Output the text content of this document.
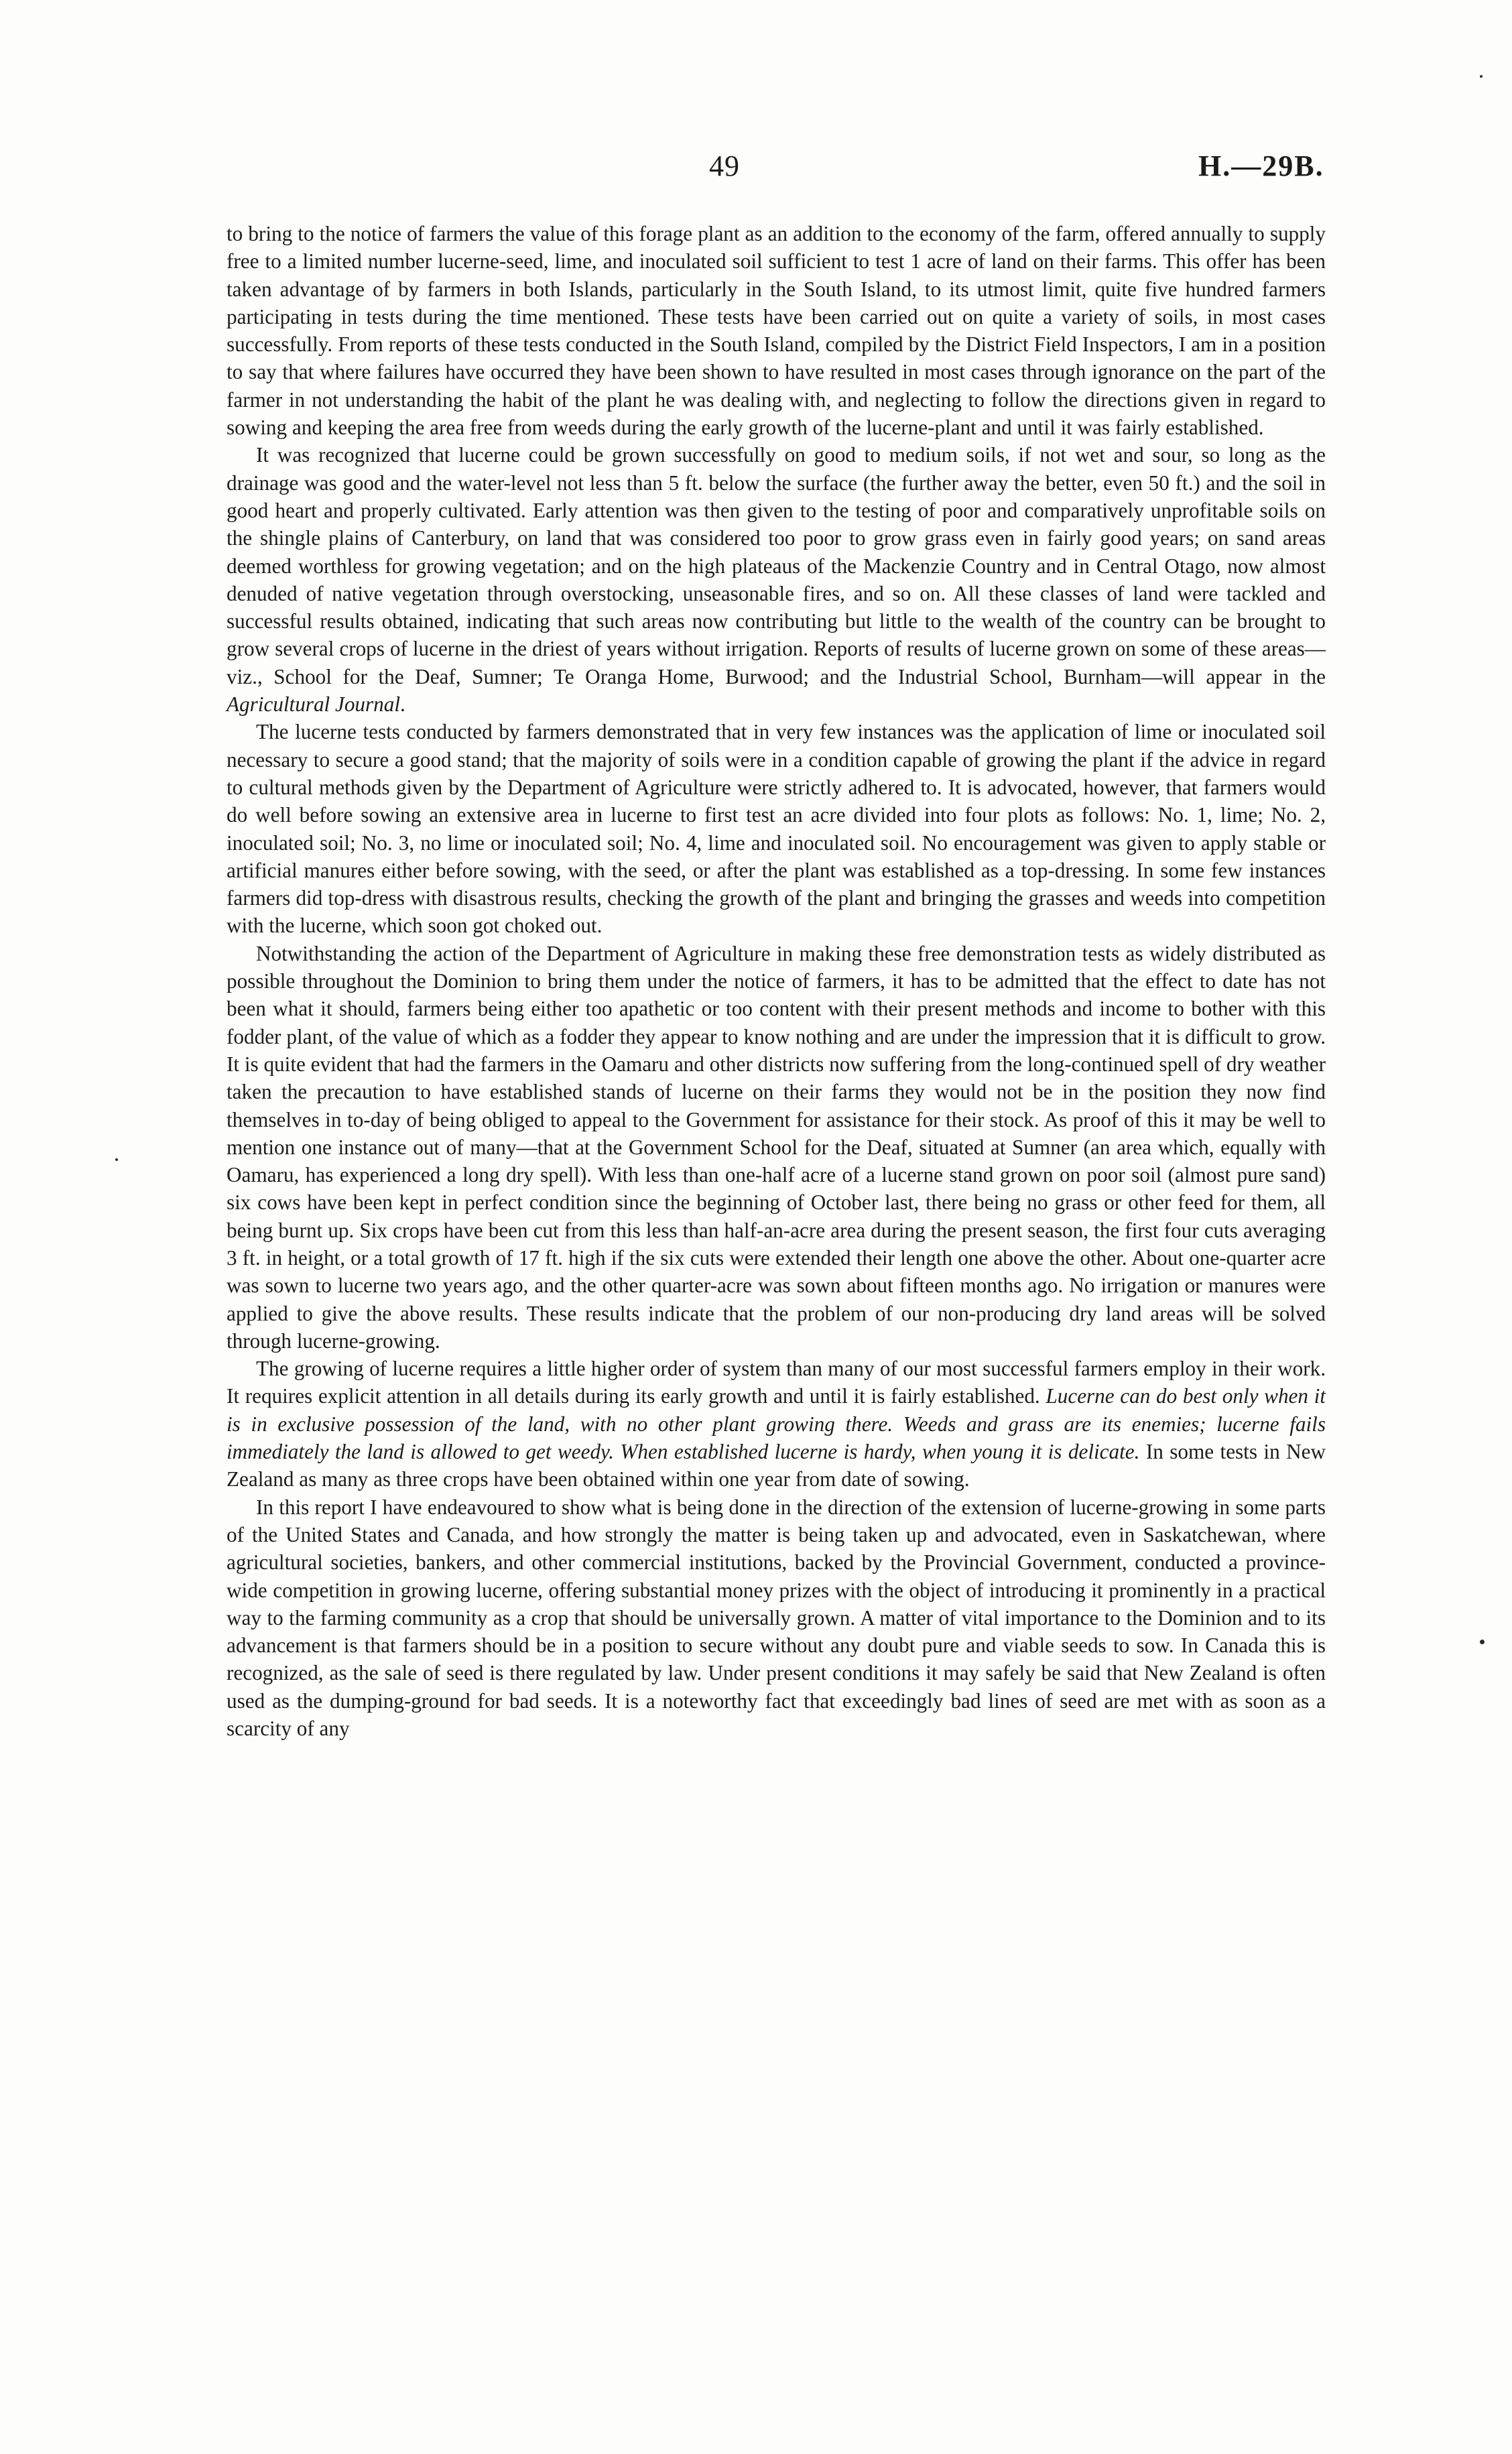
49	H.—29B.

to bring to the notice of farmers the value of this forage plant as an addition to the economy of the farm, offered annually to supply free to a limited number lucerne-seed, lime, and inoculated soil sufficient to test 1 acre of land on their farms. This offer has been taken advantage of by farmers in both Islands, particularly in the South Island, to its utmost limit, quite five hundred farmers participating in tests during the time mentioned. These tests have been carried out on quite a variety of soils, in most cases successfully. From reports of these tests conducted in the South Island, compiled by the District Field Inspectors, I am in a position to say that where failures have occurred they have been shown to have resulted in most cases through ignorance on the part of the farmer in not understanding the habit of the plant he was dealing with, and neglecting to follow the directions given in regard to sowing and keeping the area free from weeds during the early growth of the lucerne-plant and until it was fairly established.

It was recognized that lucerne could be grown successfully on good to medium soils, if not wet and sour, so long as the drainage was good and the water-level not less than 5 ft. below the surface (the further away the better, even 50 ft.) and the soil in good heart and properly cultivated. Early attention was then given to the testing of poor and comparatively unprofitable soils on the shingle plains of Canterbury, on land that was considered too poor to grow grass even in fairly good years; on sand areas deemed worthless for growing vegetation; and on the high plateaus of the Mackenzie Country and in Central Otago, now almost denuded of native vegetation through overstocking, unseasonable fires, and so on. All these classes of land were tackled and successful results obtained, indicating that such areas now contributing but little to the wealth of the country can be brought to grow several crops of lucerne in the driest of years without irrigation. Reports of results of lucerne grown on some of these areas—viz., School for the Deaf, Sumner; Te Oranga Home, Burwood; and the Industrial School, Burnham—will appear in the Agricultural Journal.

The lucerne tests conducted by farmers demonstrated that in very few instances was the application of lime or inoculated soil necessary to secure a good stand; that the majority of soils were in a condition capable of growing the plant if the advice in regard to cultural methods given by the Department of Agriculture were strictly adhered to. It is advocated, however, that farmers would do well before sowing an extensive area in lucerne to first test an acre divided into four plots as follows: No. 1, lime; No. 2, inoculated soil; No. 3, no lime or inoculated soil; No. 4, lime and inoculated soil. No encouragement was given to apply stable or artificial manures either before sowing, with the seed, or after the plant was established as a top-dressing. In some few instances farmers did top-dress with disastrous results, checking the growth of the plant and bringing the grasses and weeds into competition with the lucerne, which soon got choked out.

Notwithstanding the action of the Department of Agriculture in making these free demonstration tests as widely distributed as possible throughout the Dominion to bring them under the notice of farmers, it has to be admitted that the effect to date has not been what it should, farmers being either too apathetic or too content with their present methods and income to bother with this fodder plant, of the value of which as a fodder they appear to know nothing and are under the impression that it is difficult to grow. It is quite evident that had the farmers in the Oamaru and other districts now suffering from the long-continued spell of dry weather taken the precaution to have established stands of lucerne on their farms they would not be in the position they now find themselves in to-day of being obliged to appeal to the Government for assistance for their stock. As proof of this it may be well to mention one instance out of many—that at the Government School for the Deaf, situated at Sumner (an area which, equally with Oamaru, has experienced a long dry spell). With less than one-half acre of a lucerne stand grown on poor soil (almost pure sand) six cows have been kept in perfect condition since the beginning of October last, there being no grass or other feed for them, all being burnt up. Six crops have been cut from this less than half-an-acre area during the present season, the first four cuts averaging 3 ft. in height, or a total growth of 17 ft. high if the six cuts were extended their length one above the other. About one-quarter acre was sown to lucerne two years ago, and the other quarter-acre was sown about fifteen months ago. No irrigation or manures were applied to give the above results. These results indicate that the problem of our non-producing dry land areas will be solved through lucerne-growing.

The growing of lucerne requires a little higher order of system than many of our most successful farmers employ in their work. It requires explicit attention in all details during its early growth and until it is fairly established. Lucerne can do best only when it is in exclusive possession of the land, with no other plant growing there. Weeds and grass are its enemies; lucerne fails immediately the land is allowed to get weedy. When established lucerne is hardy, when young it is delicate. In some tests in New Zealand as many as three crops have been obtained within one year from date of sowing.

In this report I have endeavoured to show what is being done in the direction of the extension of lucerne-growing in some parts of the United States and Canada, and how strongly the matter is being taken up and advocated, even in Saskatchewan, where agricultural societies, bankers, and other commercial institutions, backed by the Provincial Government, conducted a province-wide competition in growing lucerne, offering substantial money prizes with the object of introducing it prominently in a practical way to the farming community as a crop that should be universally grown. A matter of vital importance to the Dominion and to its advancement is that farmers should be in a position to secure without any doubt pure and viable seeds to sow. In Canada this is recognized, as the sale of seed is there regulated by law. Under present conditions it may safely be said that New Zealand is often used as the dumping-ground for bad seeds. It is a noteworthy fact that exceedingly bad lines of seed are met with as soon as a scarcity of any
